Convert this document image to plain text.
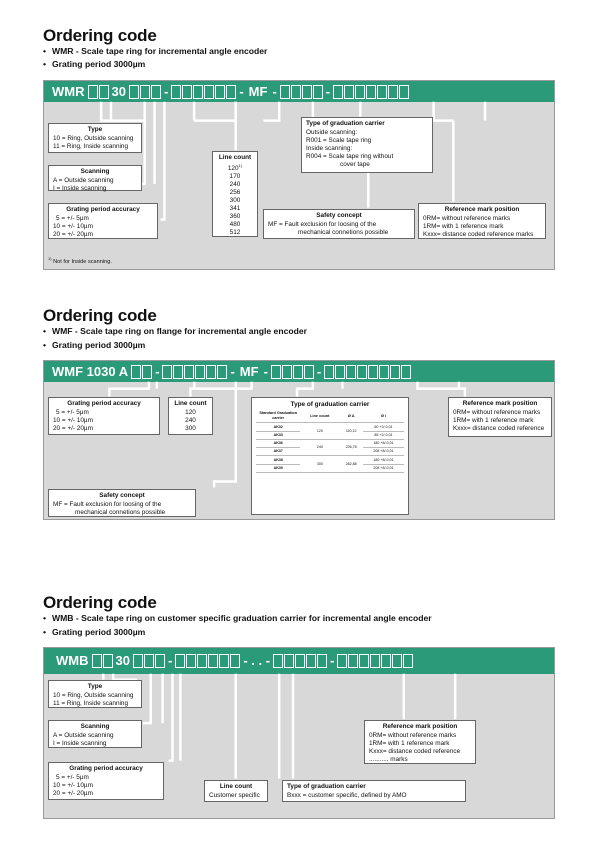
Ordering code
• WMR - Scale tape ring for incremental angle encoder
• Grating period 3000µm
WMR 30	-	- MF -	-
Type
10 = Ring, Outside scanning
11 = Ring, Inside scanning
Scanning
A = Outside scanning
I = Inside scanning
Grating period accuracy
5 = +/- 5µm
10 = +/- 10µm
20 = +/- 20µm
Line count
120$^{1)}$
170
240
256
300
341
360
480
512
Type of graduation carrier
Outside scanning:
R001 = Scale tape ring
Inside scanning:
R004 = Scale tape ring without
cover tape
Safety concept
MF = Fault exclusion for loosing of the
mechanical connetions possible
Reference mark position
0RM= without reference marks
1RM= with 1 reference mark
Kxxx= distance coded reference marks
$^{1)}$ Not for Inside scanning.
Ordering code
• WMF - Scale tape ring on flange for incremental angle encoder
• Grating period 3000µm
WMF 1030 A -	- MF -	-
Grating period accuracy
5 = +/- 5µm
10 = +/- 10µm
20 = +/- 20µm
Line count
120
240
300
Type of graduation carrier
Standard Graduation carrier	Line count	Ø A	Ø I
AK32	120	110,12	60 +2/-0,01
AK33			85 +2/-0,01
AK36	240	226,78	180 +8/-0,01
AK37			208 +8/-0,01
AK38	300	282,88	180 +8/-0,01
AK39			208 +8/-0,01
Reference mark position
0RM= without reference marks
1RM= with 1 reference mark
Kxxx= distance coded reference
Safety concept
MF = Fault exclusion for loosing of the
mechanical connetions possible
Ordering code
• WMB - Scale tape ring on customer specific graduation carrier for incremental angle encoder
• Grating period 3000µm
WMB 30	-	- . . -	-
Type
10 = Ring, Outside scanning
11 = Ring, Inside scanning
Scanning
A = Outside scanning
I = Inside scanning
Reference mark position
0RM= without reference marks
1RM= with 1 reference mark
Kxxx= distance coded reference
........... marks
Grating period accuracy
5 = +/- 5µm
10 = +/- 10µm
20 = +/- 20µm
Line count
Customer specific
Type of graduation carrier
Bxxx = customer specific, defined by AMO
